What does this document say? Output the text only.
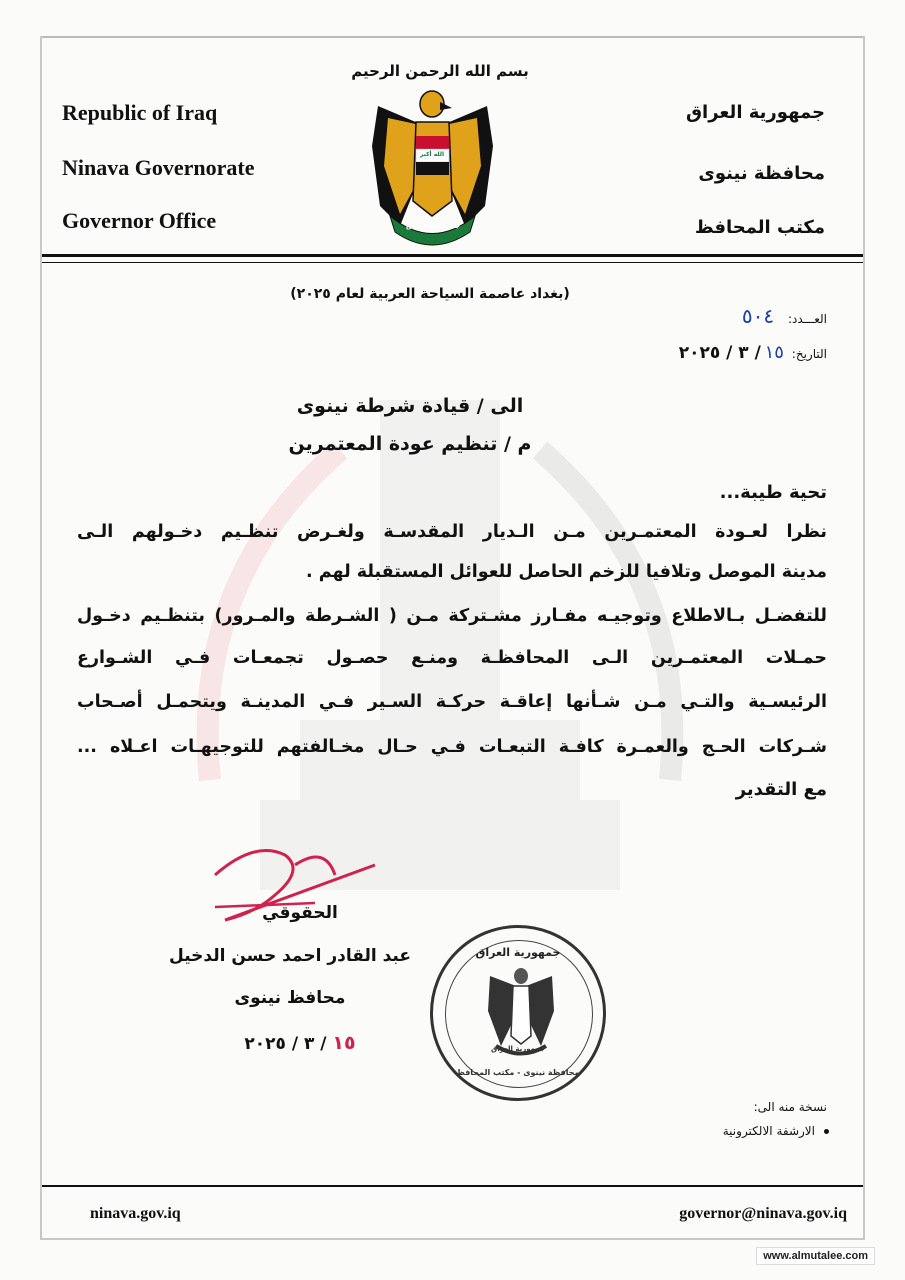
بسم الله الرحمن الرحيم
Republic of Iraq
Ninava Governorate
Governor Office
جمهورية العراق
محافظة نينوى
مكتب المحافظ
الله أكبر
جمهورية العراق
(بغداد عاصمة السياحة العربية لعام ٢٠٢٥)
العـــدد: ٥٠٤
التاريخ: ١٥ / ٣ / ٢٠٢٥
الى / قيادة شرطة نينوى
م / تنظيم عودة المعتمرين
تحية طيبة...
نظرا لعـودة المعتمـرين مـن الـديار المقدسـة ولغـرض تنظـيم دخـولهم الـى
مدينة الموصل وتلافيا للزخم الحاصل للعوائل المستقبلة لهم .
للتفضـل بـالاطلاع وتوجيـه مفـارز مشـتركة مـن ( الشـرطة والمـرور) بتنظـيم دخـول
حمـلات المعتمـرين الـى المحافظـة ومنـع حصـول تجمعـات فـي الشـوارع
الرئيسـية والتـي مـن شـأنها إعاقـة حركـة السـير فـي المدينـة ويتحمـل أصـحاب
شـركات الحـج والعمـرة كافـة التبعـات فـي حـال مخـالفتهم للتوجيهـات اعـلاه ...
مع التقدير
الحقوقي
عبد القادر احمد حسن الدخيل
محافظ نينوى
١٥ / ٣ / ٢٠٢٥
جمهورية العراق
جمهورية العراق
محافظة نينوى - مكتب المحافظ
نسخة منه الى:
الارشفة الالكترونية
ninava.gov.iq	governor@ninava.gov.iq
www.almutalee.com
